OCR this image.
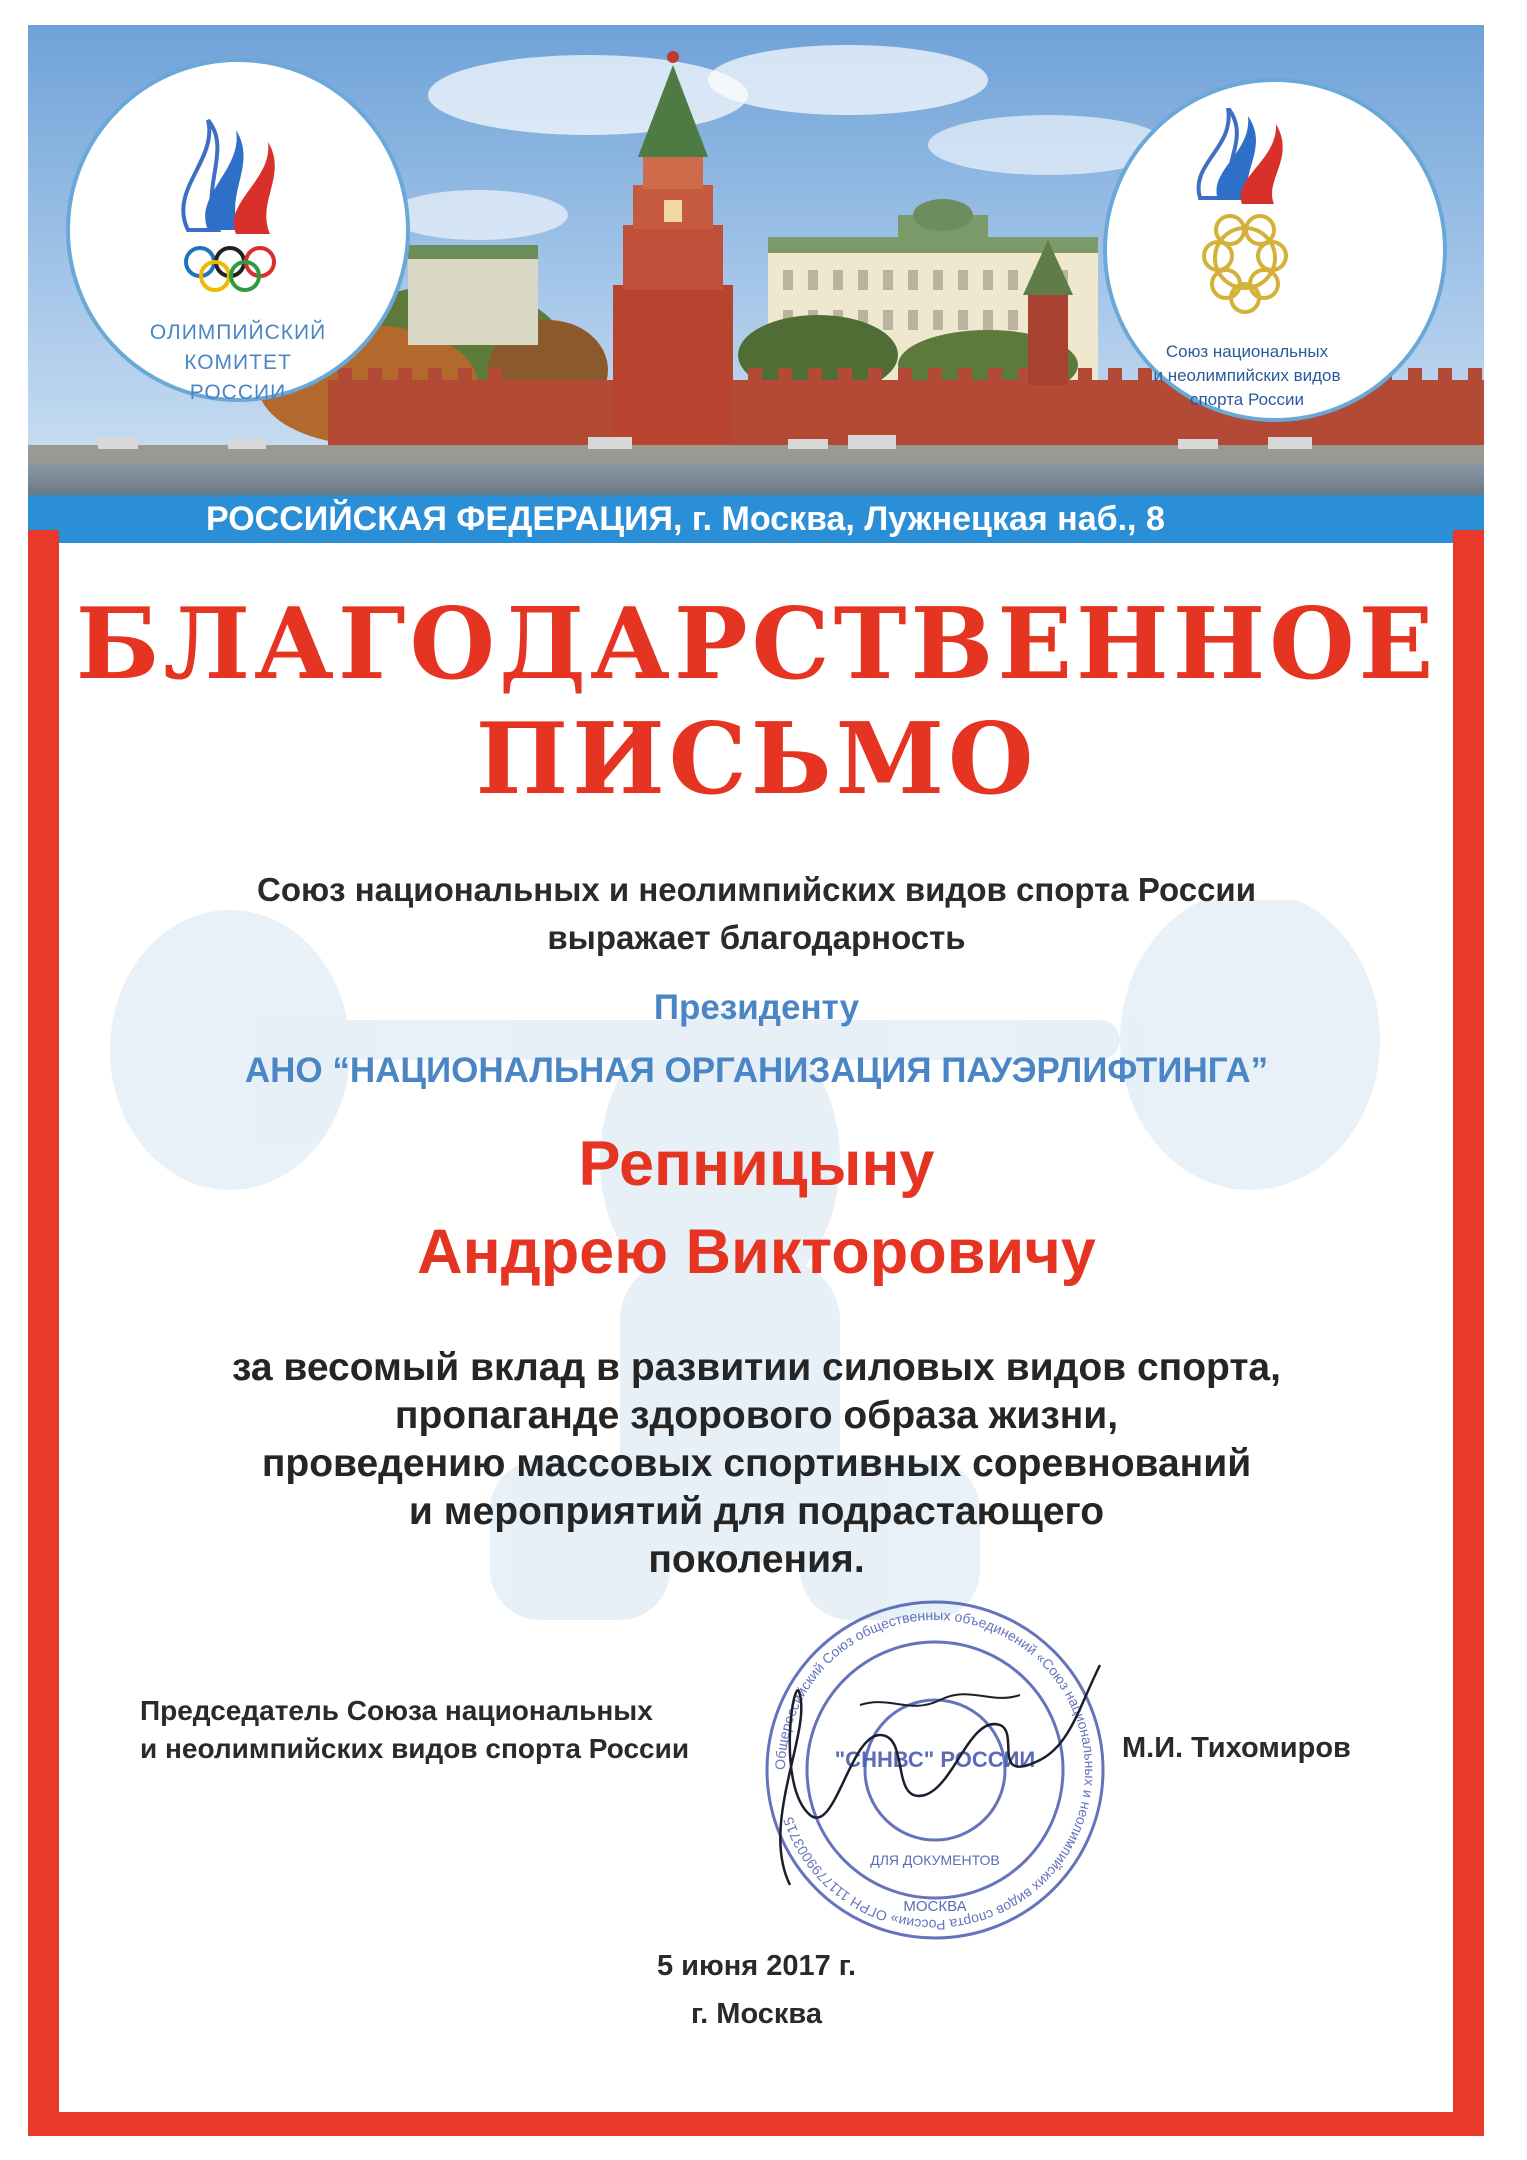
ОЛИМПИЙСКИЙ
КОМИТЕТ
РОССИИ
Союз национальных
и неолимпийских видов
спорта России
РОССИЙСКАЯ ФЕДЕРАЦИЯ, г. Москва, Лужнецкая наб., 8
БЛАГОДАРСТВЕННОЕ
ПИСЬМО
Союз национальных и неолимпийских видов спорта России
выражает благодарность
Президенту
АНО “НАЦИОНАЛЬНАЯ ОРГАНИЗАЦИЯ ПАУЭРЛИФТИНГА”
Репницыну
Андрею Викторовичу
за весомый вклад в развитии силовых видов спорта,
пропаганде здорового образа жизни,
проведению массовых спортивных соревнований
и мероприятий для подрастающего
поколения.
Председатель Союза национальных
и неолимпийских видов спорта России
Общероссийский Союз общественных объединений «Союз национальных и неолимпийских видов спорта России» ОГРН 1117799003715
"СННВС" РОССИИ
ДЛЯ ДОКУМЕНТОВ
МОСКВА
М.И. Тихомиров
5 июня 2017 г.
г. Москва
